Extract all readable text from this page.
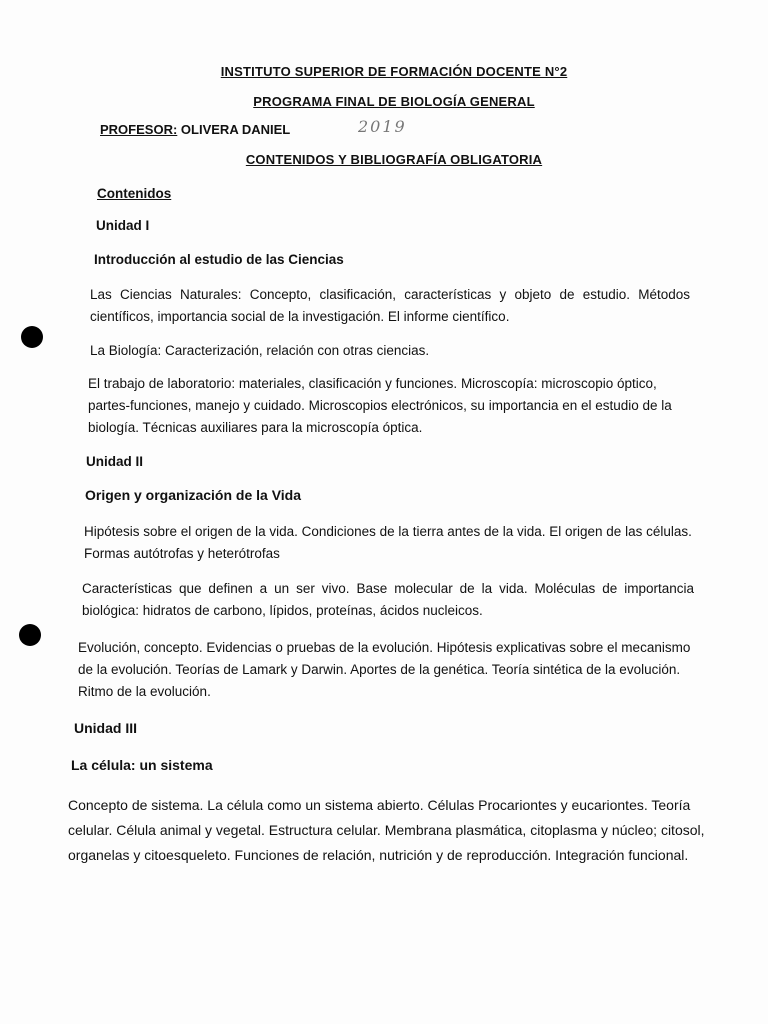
INSTITUTO SUPERIOR DE FORMACIÓN DOCENTE N°2
PROGRAMA FINAL DE BIOLOGÍA GENERAL
PROFESOR: OLIVERA DANIEL	2019
CONTENIDOS Y BIBLIOGRAFÍA OBLIGATORIA
Contenidos
Unidad I
Introducción al estudio de las Ciencias

Las Ciencias Naturales: Concepto, clasificación, características y objeto de estudio. Métodos científicos, importancia social de la investigación. El informe científico.

La Biología: Caracterización, relación con otras ciencias.

El trabajo de laboratorio: materiales, clasificación y funciones. Microscopía: microscopio óptico, partes-funciones, manejo y cuidado. Microscopios electrónicos, su importancia en el estudio de la biología. Técnicas auxiliares para la microscopía óptica.

Unidad II
Origen y organización de la Vida

Hipótesis sobre el origen de la vida. Condiciones de la tierra antes de la vida. El origen de las células. Formas autótrofas y heterótrofas

Características que definen a un ser vivo. Base molecular de la vida. Moléculas de importancia biológica: hidratos de carbono, lípidos, proteínas, ácidos nucleicos.

Evolución, concepto. Evidencias o pruebas de la evolución. Hipótesis explicativas sobre el mecanismo de la evolución. Teorías de Lamark y Darwin. Aportes de la genética. Teoría sintética de la evolución. Ritmo de la evolución.

Unidad III
La célula: un sistema

Concepto de sistema. La célula como un sistema abierto. Células Procariontes y eucariontes. Teoría celular. Célula animal y vegetal. Estructura celular. Membrana plasmática, citoplasma y núcleo; citosol, organelas y citoesqueleto. Funciones de relación, nutrición y de reproducción. Integración funcional.
